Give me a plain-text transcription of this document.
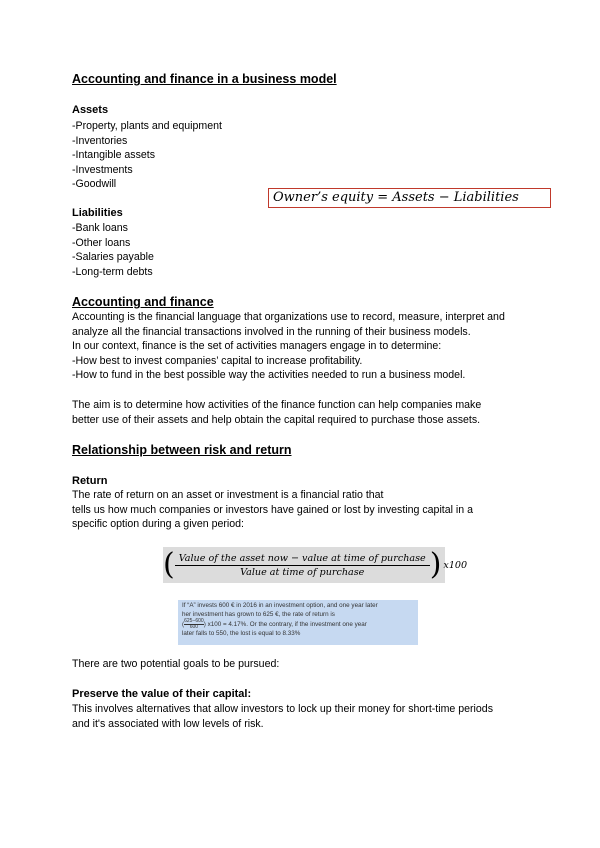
Accounting and finance in a business model
Assets
-Property, plants and equipment
-Inventories
-Intangible assets
-Investments
-Goodwill
Owner’s equity = Assets − Liabilities
Liabilities
-Bank loans
-Other loans
-Salaries payable
-Long-term debts
Accounting and finance
Accounting is the financial language that organizations use to record, measure, interpret and
analyze all the financial transactions involved in the running of their business models.
In our context, finance is the set of activities managers engage in to determine:
-How best to invest companies’ capital to increase profitability.
-How to fund in the best possible way the activities needed to run a business model.
The aim is to determine how activities of the finance function can help companies make
better use of their assets and help obtain the capital required to purchase those assets.
Relationship between risk and return
Return
The rate of return on an asset or investment is a financial ratio that
tells us how much companies or investors have gained or lost by investing capital in a
specific option during a given period:
( $\frac{\text{Value of the asset now − value at time of purchase}}{\text{Value at time of purchase}}$ ) x100
If “A” invests 600 € in 2016 in an investment option, and one year later
her investment has grown to 625 €, the rate of return is
( $\frac{625-600}{600}$ ) x100 = 4.17%. Or the contrary, if the investment one year
later falls to 550, the lost is equal to 8.33%
There are two potential goals to be pursued:
Preserve the value of their capital:
This involves alternatives that allow investors to lock up their money for short-time periods
and it's associated with low levels of risk.
